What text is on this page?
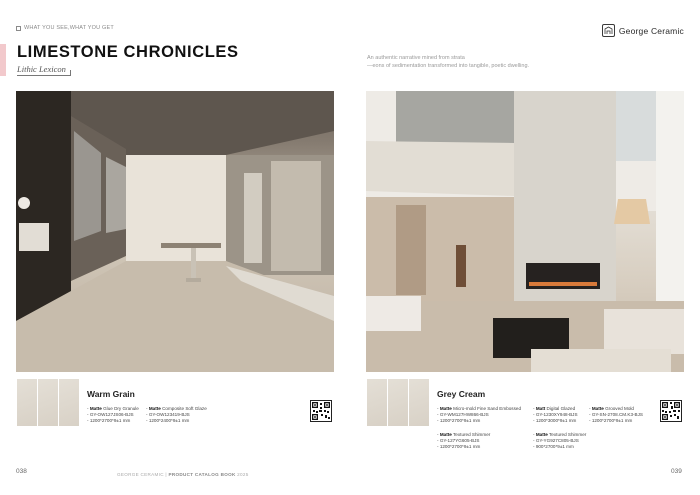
WHAT YOU SEE,WHAT YOU GET	George Ceramic
LIMESTONE CHRONICLES
Lithic Lexicon
An authentic narrative mined from strata
—eons of sedimentation transformed into tangible, poetic dwelling.
Warm Grain
- Matte Glue Dry Granule
- GY-OW127JS06-BJS
- 1200*2700*9±1 mm
- Matte Composite Soft Glaze
- GY-OW123419-BJS
- 1200*2400*9±1 mm
Grey Cream
- Matte Micro-mold Fine Sand Embossed
- GY-WM127HW866-BJS
- 1200*2700*9±1 mm
- Matt Digital Glazed
- GY-1230XY948-BJS
- 1200*3000*9±1 mm
- Matte Grooved Mold
- GY-SN-2708.CM.K3-BJS
- 1200*2700*9±1 mm
- Matte Textured Shimmer
- GY-127YG605-BJS
- 1200*2700*9±1 mm
- Matte Textured Shimmer
- GY-YG927C805-BJS
- 900*2700*9±1 mm
038	GEORGE CERAMIC | PRODUCT CATALOG BOOK 2025	039
